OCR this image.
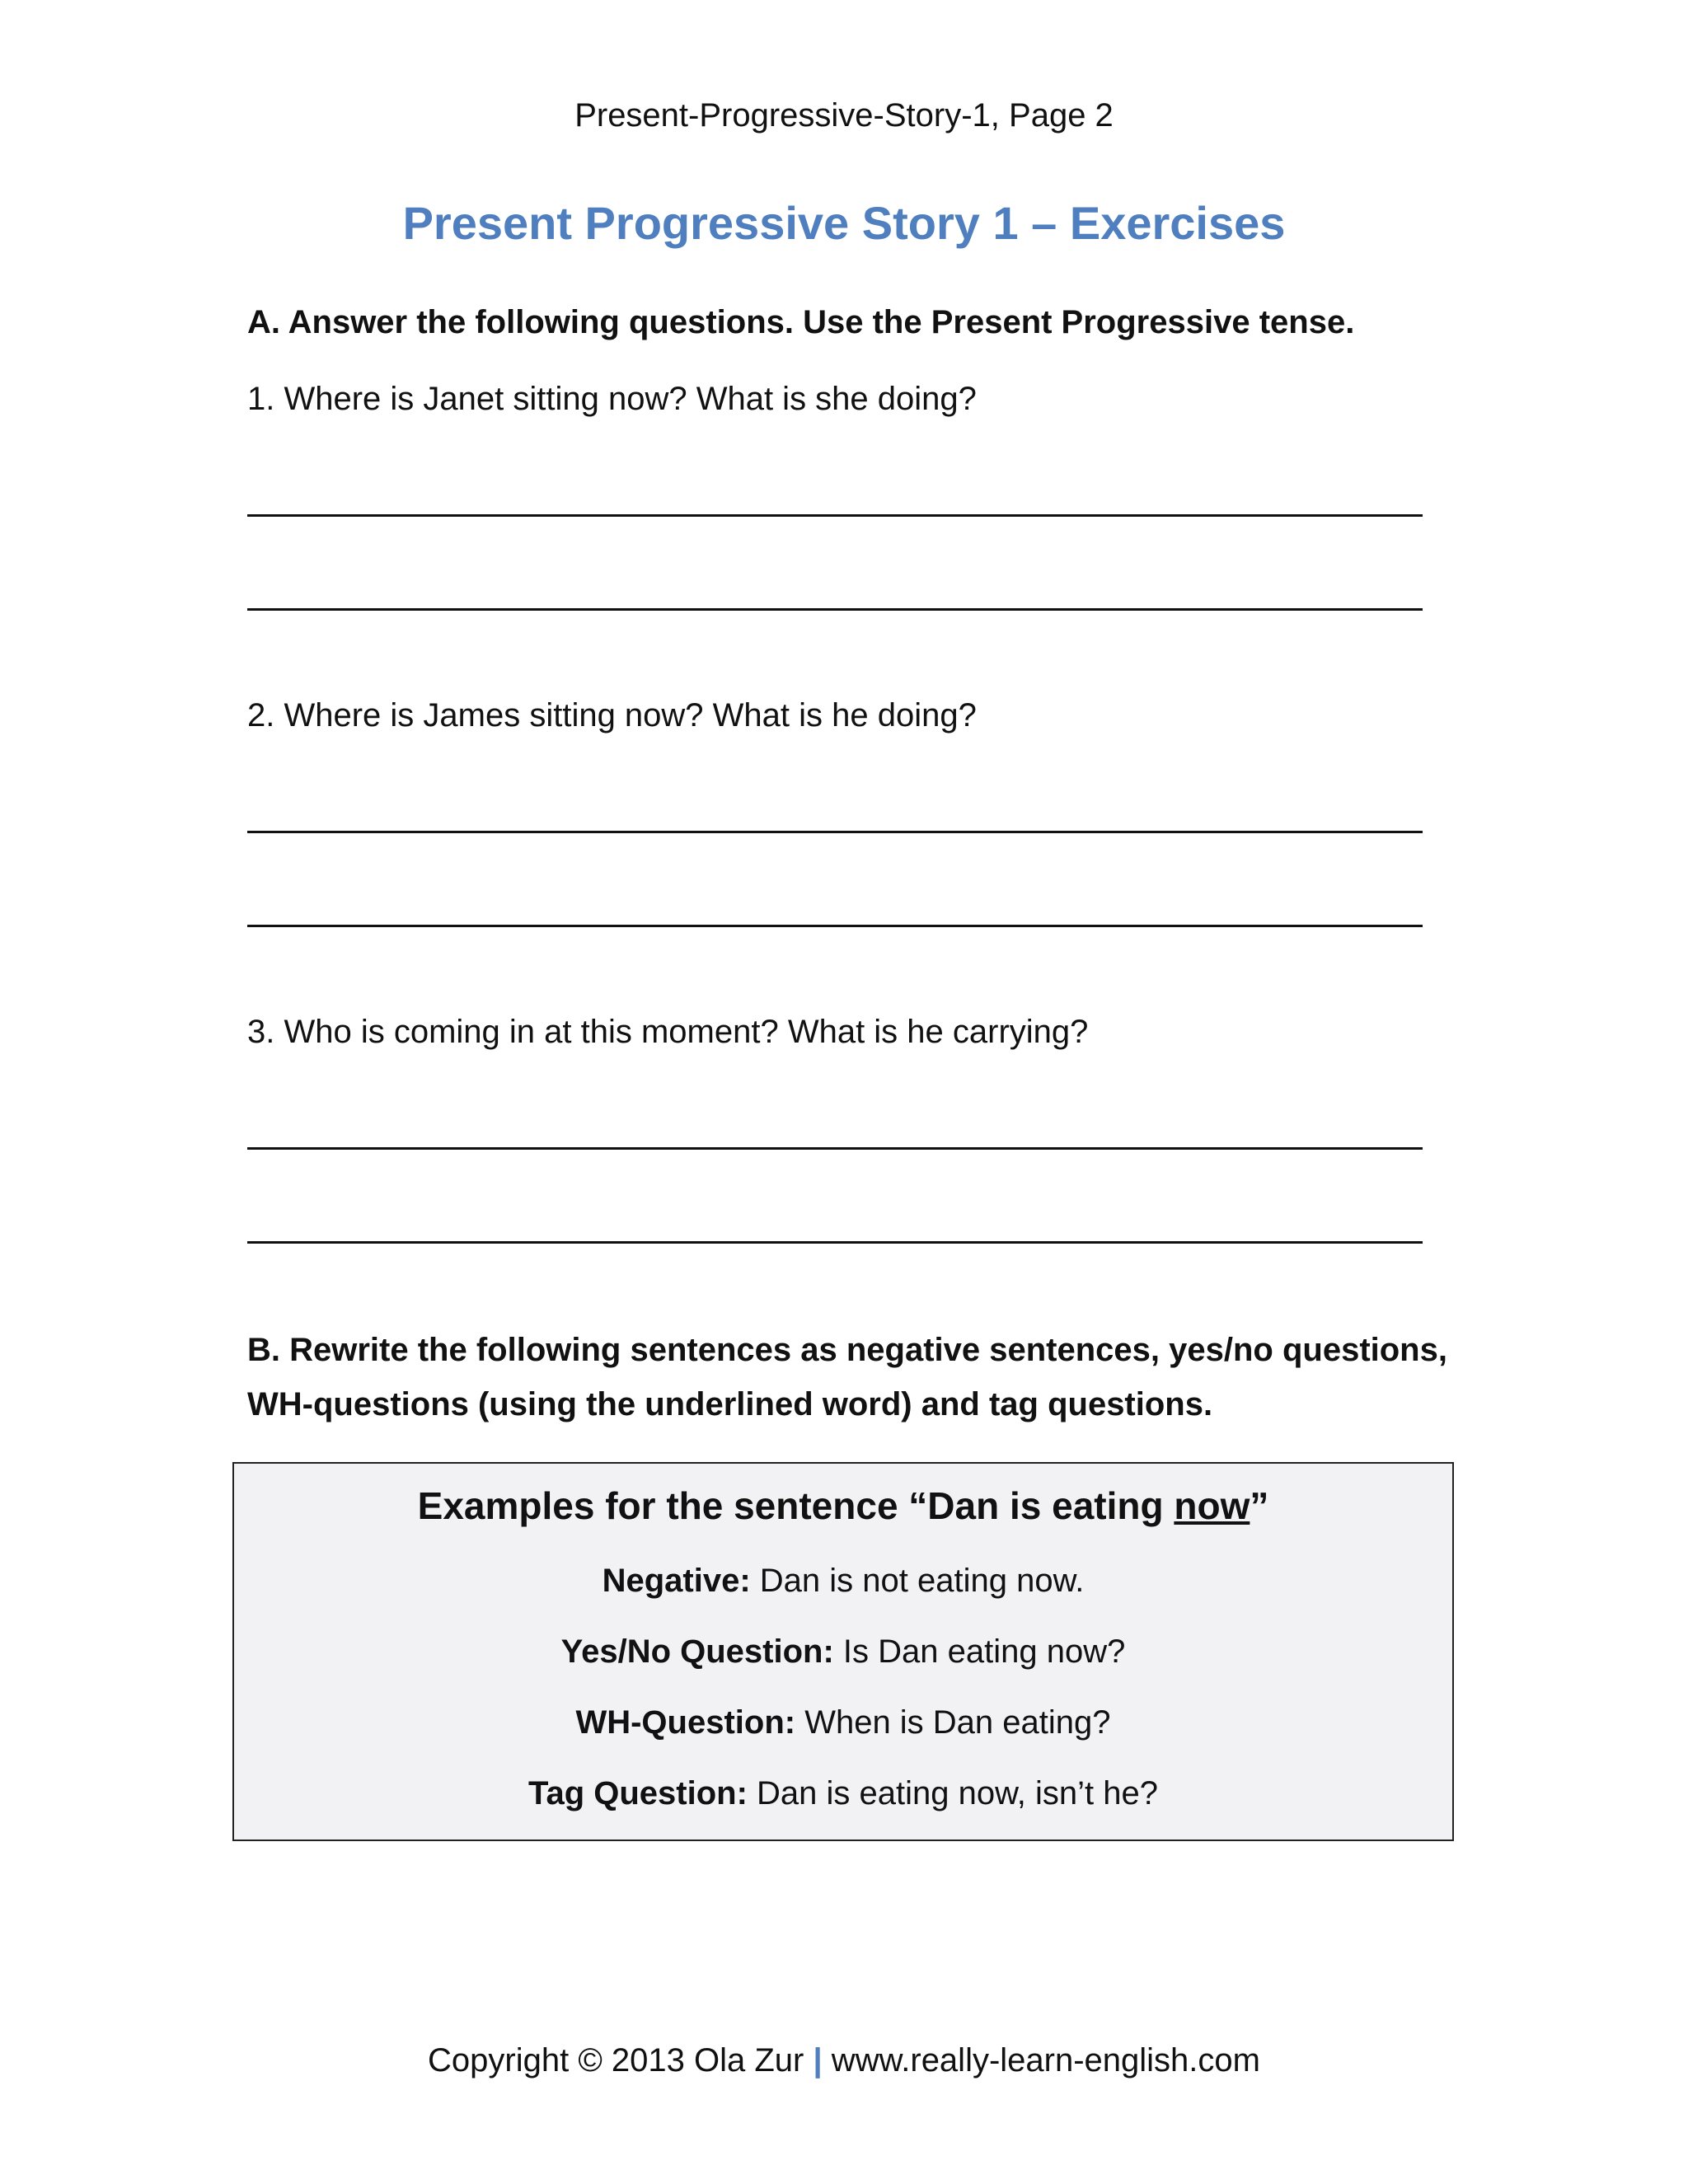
Present-Progressive-Story-1, Page 2
Present Progressive Story 1 – Exercises
A. Answer the following questions. Use the Present Progressive tense.
1. Where is Janet sitting now? What is she doing?
2. Where is James sitting now? What is he doing?
3. Who is coming in at this moment? What is he carrying?
B. Rewrite the following sentences as negative sentences, yes/no questions, WH-questions (using the underlined word) and tag questions.
Examples for the sentence “Dan is eating now”
Negative: Dan is not eating now.
Yes/No Question: Is Dan eating now?
WH-Question: When is Dan eating?
Tag Question: Dan is eating now, isn’t he?
Copyright © 2013 Ola Zur | www.really-learn-english.com
